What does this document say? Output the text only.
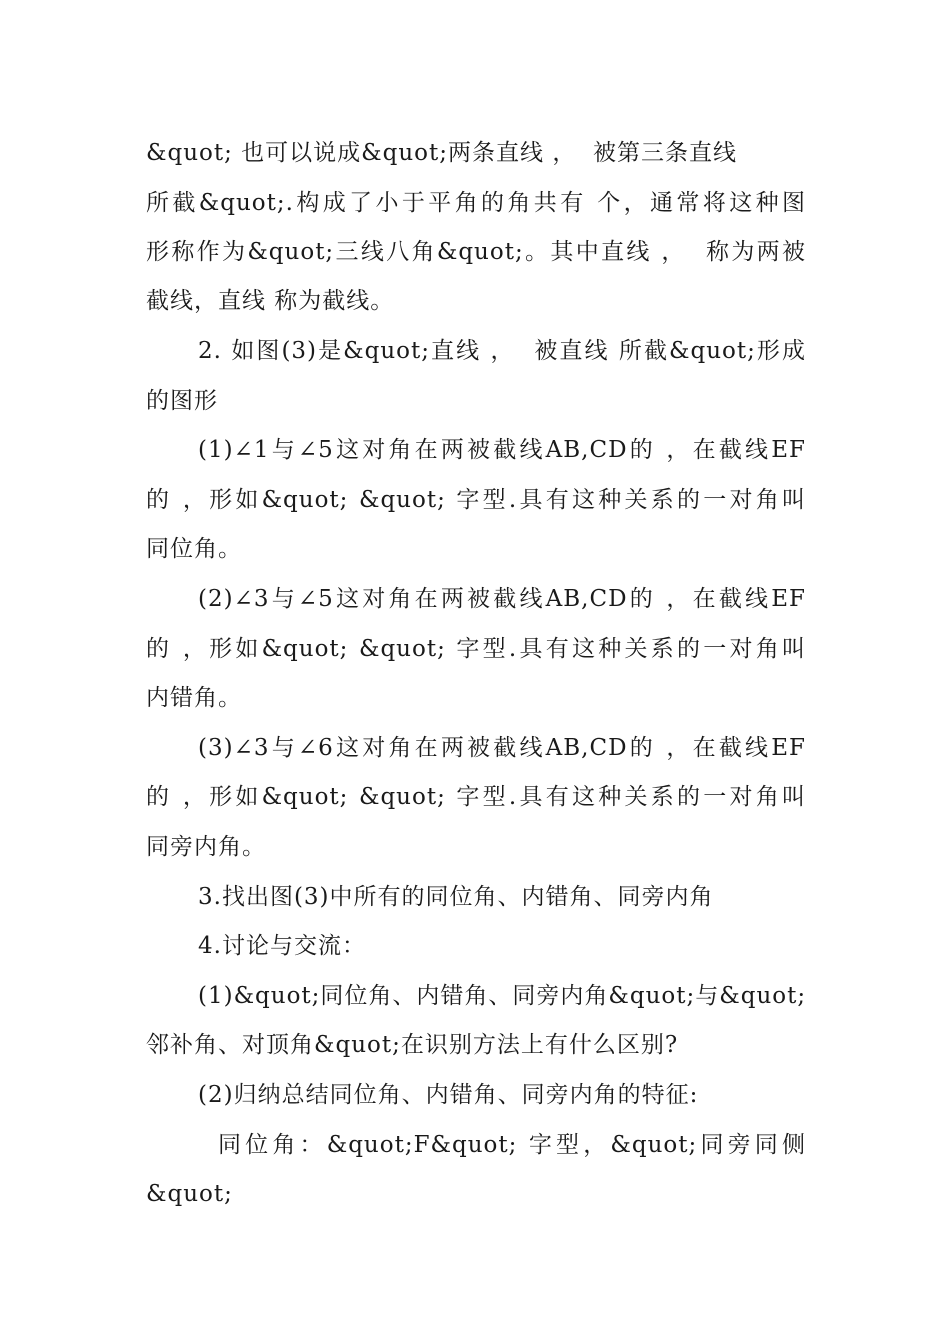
&quot; 也可以说成&quot;两条直线 ，  被第三条直线
所截&quot;.构成了小于平角的角共有 个，通常将这种图
形称作为&quot;三线八角&quot;。其中直线 ，  称为两被
截线，直线 称为截线。
2. 如图(3)是&quot;直线 ，  被直线 所截&quot;形成
的图形
(1)∠1与∠5这对角在两被截线AB,CD的 ，在截线EF
的 ，形如&quot; &quot; 字型.具有这种关系的一对角叫
同位角。
(2)∠3与∠5这对角在两被截线AB,CD的 ，在截线EF
的 ，形如&quot; &quot; 字型.具有这种关系的一对角叫
内错角。
(3)∠3与∠6这对角在两被截线AB,CD的 ，在截线EF
的 ，形如&quot; &quot; 字型.具有这种关系的一对角叫
同旁内角。
3.找出图(3)中所有的同位角、内错角、同旁内角
4.讨论与交流：
(1)&quot;同位角、内错角、同旁内角&quot;与&quot;
邻补角、对顶角&quot;在识别方法上有什么区别?
(2)归纳总结同位角、内错角、同旁内角的特征:
同位角：&quot;F&quot; 字型，&quot;同旁同侧
&quot;
